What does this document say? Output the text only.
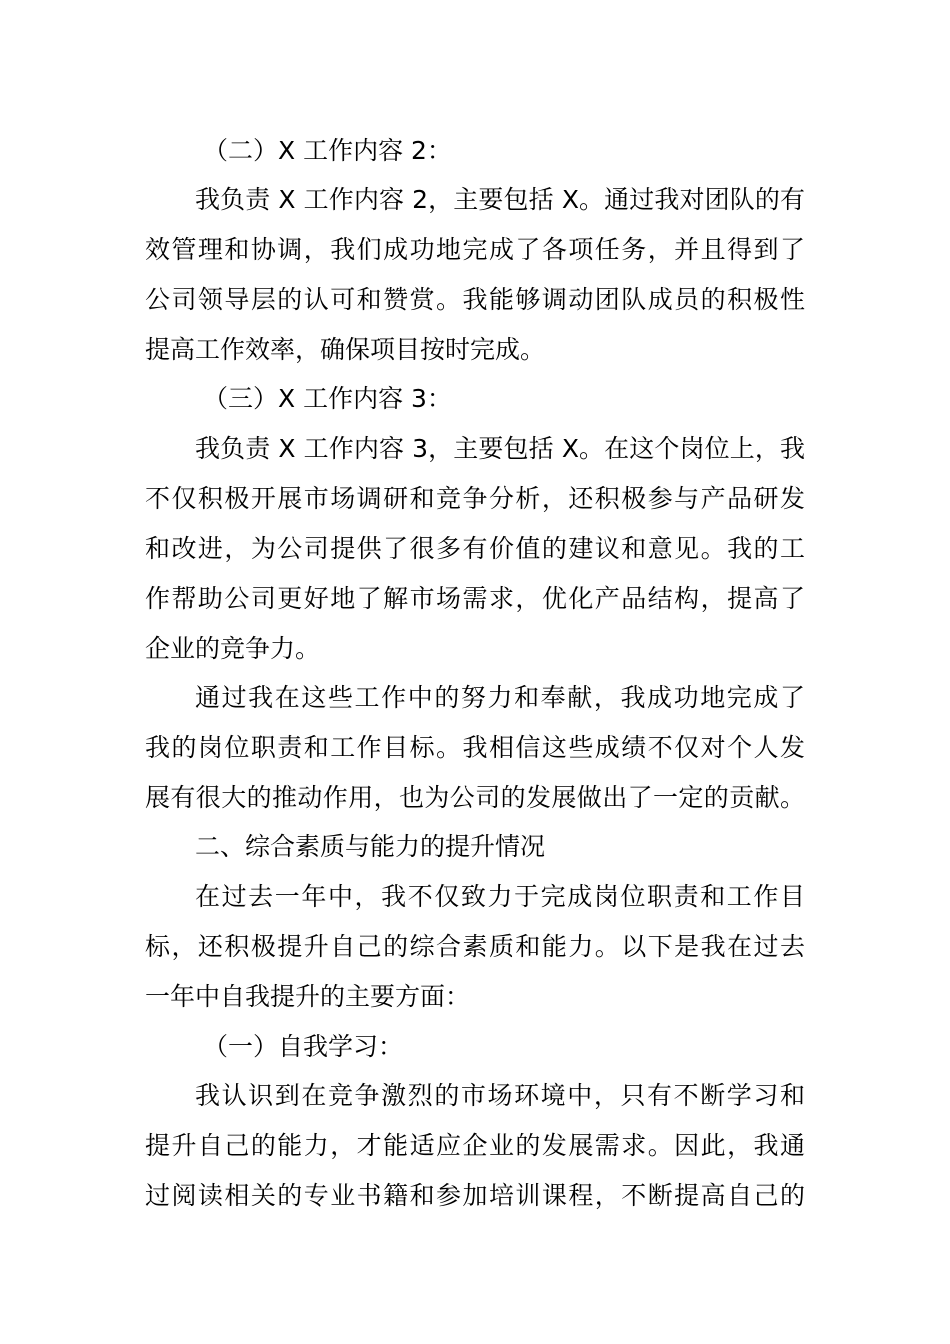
（二）X 工作内容 2：
我负责 X 工作内容 2，主要包括 X。通过我对团队的有
效管理和协调，我们成功地完成了各项任务，并且得到了
公司领导层的认可和赞赏。我能够调动团队成员的积极性
提高工作效率，确保项目按时完成。
（三）X 工作内容 3：
我负责 X 工作内容 3，主要包括 X。在这个岗位上，我
不仅积极开展市场调研和竞争分析，还积极参与产品研发
和改进，为公司提供了很多有价值的建议和意见。我的工
作帮助公司更好地了解市场需求，优化产品结构，提高了
企业的竞争力。
通过我在这些工作中的努力和奉献，我成功地完成了
我的岗位职责和工作目标。我相信这些成绩不仅对个人发
展有很大的推动作用，也为公司的发展做出了一定的贡献。
二、综合素质与能力的提升情况
在过去一年中，我不仅致力于完成岗位职责和工作目
标，还积极提升自己的综合素质和能力。以下是我在过去
一年中自我提升的主要方面：
（一）自我学习：
我认识到在竞争激烈的市场环境中，只有不断学习和
提升自己的能力，才能适应企业的发展需求。因此，我通
过阅读相关的专业书籍和参加培训课程，不断提高自己的
